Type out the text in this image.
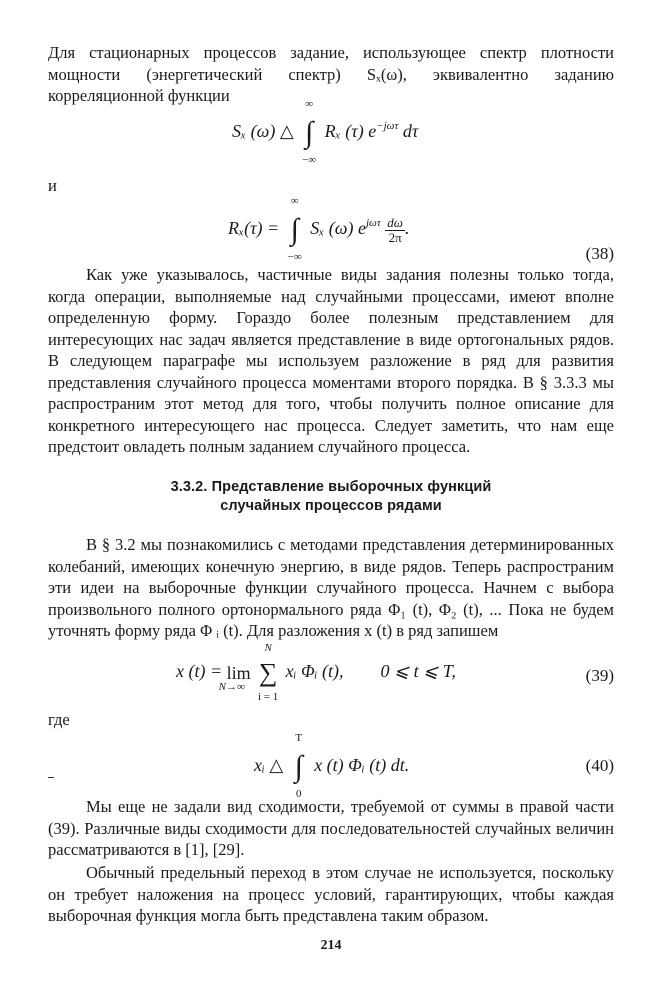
Для стационарных процессов задание, использующее спектр плотности мощности (энергетический спектр) Sₓ(ω), эквивалентно заданию корреляционной функции
Sₓ (ω) △
∞
∫
−∞
Rₓ (τ) $e^{-j\omega\tau}$ dτ
и
Rₓ(τ) =
∞
∫
−∞
Sₓ (ω) $e^{j\omega\tau} \frac{d\omega}{2\pi}$ .
(38)
Как уже указывалось, частичные виды задания полезны только тогда, когда операции, выполняемые над случайными процессами, имеют вполне определенную форму. Гораздо более полезным представлением для интересующих нас задач является представление в виде ортогональных рядов. В следующем параграфе мы используем разложение в ряд для развития представления случайного процесса моментами второго порядка. В § 3.3.3 мы распространим этот метод для того, чтобы получить полное описание для конкретного интересующего нас процесса. Следует заметить, что нам еще предстоит овладеть полным заданием случайного процесса.
3.3.2. Представление выборочных функций
случайных процессов рядами
В § 3.2 мы познакомились с методами представления детерминированных колебаний, имеющих конечную энергию, в виде рядов. Теперь распространим эти идеи на выборочные функции случайного процесса. Начнем с выбора произвольного полного ортонормального ряда Φ₁ (t), Φ₂ (t), ... Пока не будем уточнять форму ряда Φ ᵢ (t). Для разложения x (t) в ряд запишем
x (t) = lim
N→∞

N
∑
i = 1
xᵢ Φᵢ (t), 0 ⩽ t ⩽ T,	(39)
где
xᵢ △
T
∫
0
x (t) Φᵢ (t) dt.	(40)
Мы еще не задали вид сходимости, требуемой от суммы в правой части (39). Различные виды сходимости для последовательностей случайных величин рассматриваются в [1], [29].
Обычный предельный переход в этом случае не используется, поскольку он требует наложения на процесс условий, гарантирующих, чтобы каждая выборочная функция могла быть представлена таким образом.
214
